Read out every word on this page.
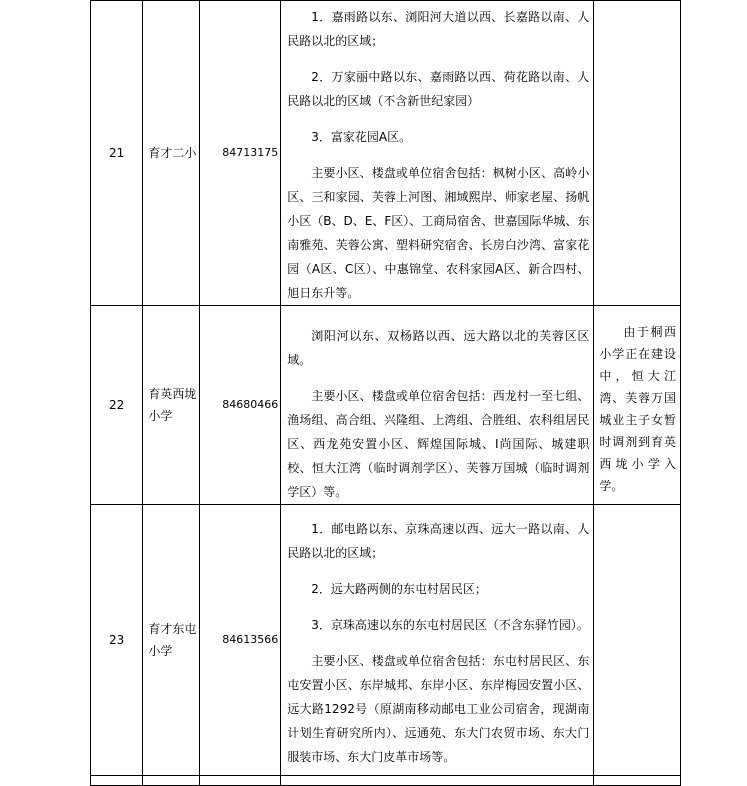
21	育才二小	84713175	1．嘉雨路以东、浏阳河大道以西、长嘉路以南、人民路以北的区域；

2．万家丽中路以东、嘉雨路以西、荷花路以南、人民路以北的区域（不含新世纪家园）

3．富家花园A区。

主要小区、楼盘或单位宿舍包括：枫树小区、高岭小区、三和家园、芙蓉上河图、湘域熙岸、师家老屋、扬帆小区（B、D、E、F区）、工商局宿舍、世嘉国际华城、东南雅苑、芙蓉公寓、塑料研究宿舍、长房白沙湾、富家花园（A区、C区）、中惠锦堂、农科家园A区、新合四村、旭日东升等。	

22	育英西垅小学	84680466	浏阳河以东、双杨路以西、远大路以北的芙蓉区区域。

主要小区、楼盘或单位宿舍包括：西龙村一至七组、渔场组、高合组、兴隆组、上湾组、合胜组、农科组居民区、西龙苑安置小区、辉煌国际城、I尚国际、城建职校、恒大江湾（临时调剂学区）、芙蓉万国城（临时调剂学区）等。	由于桐西小学正在建设中，恒大江湾、芙蓉万国城业主子女暂时调剂到育英西垅小学入学。

23	育才东屯小学	84613566	1．邮电路以东、京珠高速以西、远大一路以南、人民路以北的区域；

2．远大路两侧的东屯村居民区；

3．京珠高速以东的东屯村居民区（不含东驿竹园）。

主要小区、楼盘或单位宿舍包括：东屯村居民区、东屯安置小区、东岸城邦、东岸小区、东岸梅园安置小区、远大路1292号（原湖南移动邮电工业公司宿舍，现湖南计划生育研究所内）、远通苑、东大门农贸市场、东大门服装市场、东大门皮革市场等。	
